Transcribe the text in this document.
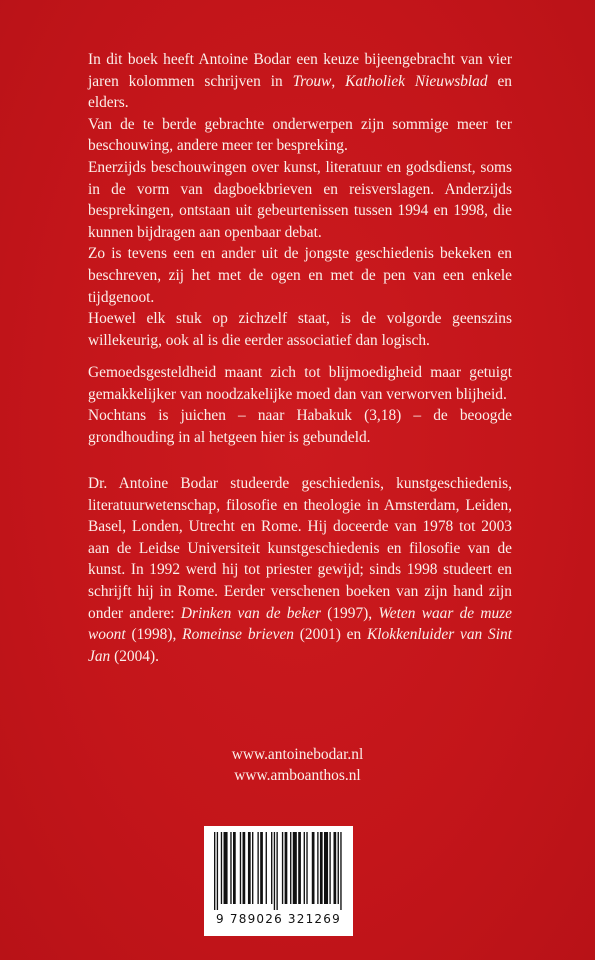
In dit boek heeft Antoine Bodar een keuze bijeengebracht van vier jaren kolommen schrijven in Trouw, Katholiek Nieuwsblad en elders.

Van de te berde gebrachte onderwerpen zijn sommige meer ter beschouwing, andere meer ter bespreking.

Enerzijds beschouwingen over kunst, literatuur en godsdienst, soms in de vorm van dagboekbrieven en reisverslagen. Anderzijds besprekingen, ontstaan uit gebeurtenissen tussen 1994 en 1998, die kunnen bijdragen aan openbaar debat.

Zo is tevens een en ander uit de jongste geschiedenis bekeken en beschreven, zij het met de ogen en met de pen van een enkele tijdgenoot.

Hoewel elk stuk op zichzelf staat, is de volgorde geenszins willekeurig, ook al is die eerder associatief dan logisch.

Gemoedsgesteldheid maant zich tot blijmoedigheid maar getuigt gemakkelijker van noodzakelijke moed dan van verworven blijheid.

Nochtans is juichen – naar Habakuk (3,18) – de beoogde grondhouding in al hetgeen hier is gebundeld.

Dr. Antoine Bodar studeerde geschiedenis, kunstgeschiedenis, literatuurwetenschap, filosofie en theologie in Amsterdam, Leiden, Basel, Londen, Utrecht en Rome. Hij doceerde van 1978 tot 2003 aan de Leidse Universiteit kunstgeschiedenis en filosofie van de kunst. In 1992 werd hij tot priester gewijd; sinds 1998 studeert en schrijft hij in Rome. Eerder verschenen boeken van zijn hand zijn onder andere: Drinken van de beker (1997), Weten waar de muze woont (1998), Romeinse brieven (2001) en Klokkenluider van Sint Jan (2004).

www.antoinebodar.nl
www.amboanthos.nl
9 789026 321269
